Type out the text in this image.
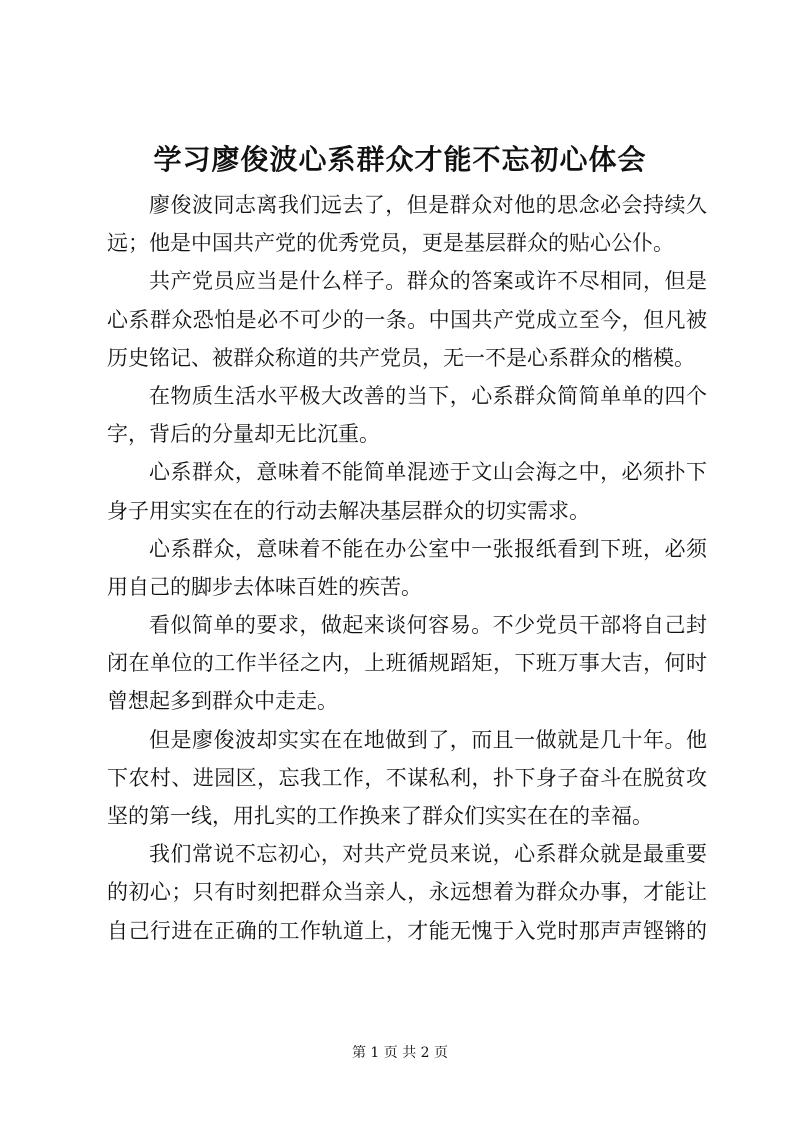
学习廖俊波心系群众才能不忘初心体会
廖俊波同志离我们远去了，但是群众对他的思念必会持续久
远；他是中国共产党的优秀党员，更是基层群众的贴心公仆。
共产党员应当是什么样子。群众的答案或许不尽相同，但是
心系群众恐怕是必不可少的一条。中国共产党成立至今，但凡被
历史铭记、被群众称道的共产党员，无一不是心系群众的楷模。
在物质生活水平极大改善的当下，心系群众简简单单的四个
字，背后的分量却无比沉重。
心系群众，意味着不能简单混迹于文山会海之中，必须扑下
身子用实实在在的行动去解决基层群众的切实需求。
心系群众，意味着不能在办公室中一张报纸看到下班，必须
用自己的脚步去体味百姓的疾苦。
看似简单的要求，做起来谈何容易。不少党员干部将自己封
闭在单位的工作半径之内，上班循规蹈矩，下班万事大吉，何时
曾想起多到群众中走走。
但是廖俊波却实实在在地做到了，而且一做就是几十年。他
下农村、进园区，忘我工作，不谋私利，扑下身子奋斗在脱贫攻
坚的第一线，用扎实的工作换来了群众们实实在在的幸福。
我们常说不忘初心，对共产党员来说，心系群众就是最重要
的初心；只有时刻把群众当亲人，永远想着为群众办事，才能让
自己行进在正确的工作轨道上，才能无愧于入党时那声声铿锵的
第 1 页 共 2 页
